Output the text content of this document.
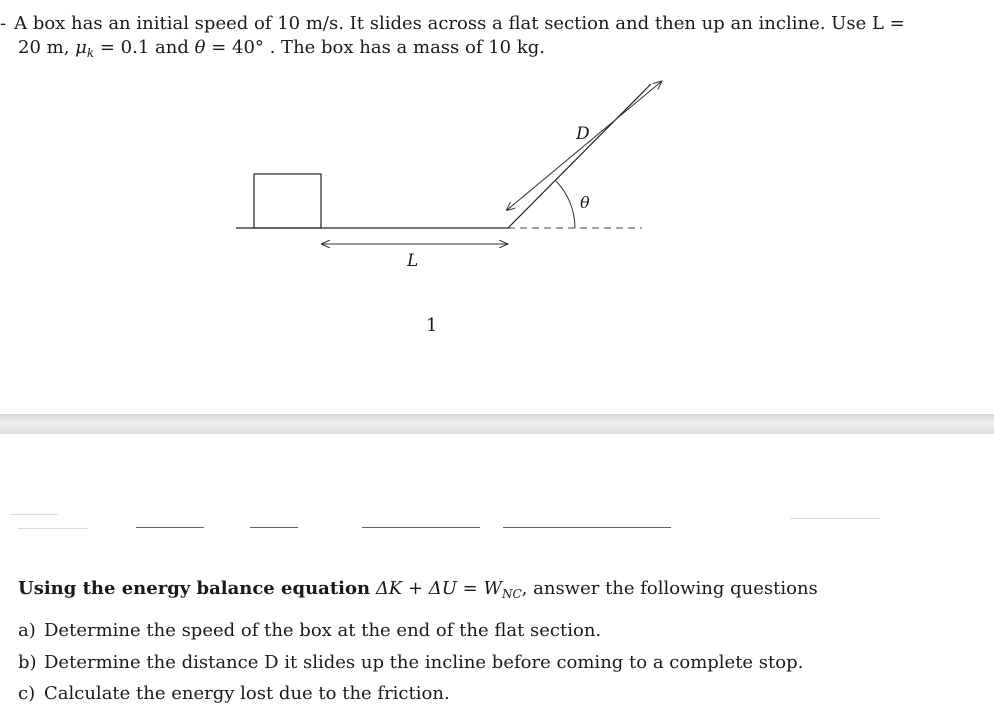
- A box has an initial speed of 10 m/s. It slides across a flat section and then up an incline. Use L =
20 m, $\mu_k = 0.1$ and θ = 40° . The box has a mass of 10 kg.
L
D
θ
1
Using the energy balance equation $\Delta K + \Delta U = W_{NC}$, answer the following questions
a) Determine the speed of the box at the end of the flat section.
b) Determine the distance D it slides up the incline before coming to a complete stop.
c) Calculate the energy lost due to the friction.
